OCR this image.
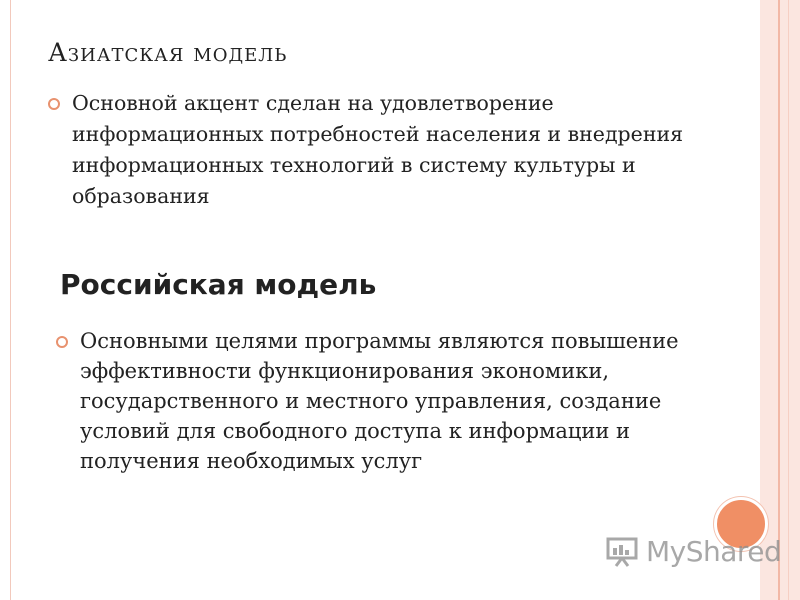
Азиатская модель

Основной акцент сделан на удовлетворение информационных потребностей населения и внедрения информационных технологий в систему культуры и образования

Российская модель

Основными целями программы являются повышение эффективности функционирования экономики, государственного и местного управления, создание условий для свободного доступа к информации и получения необходимых услуг

MyShared
